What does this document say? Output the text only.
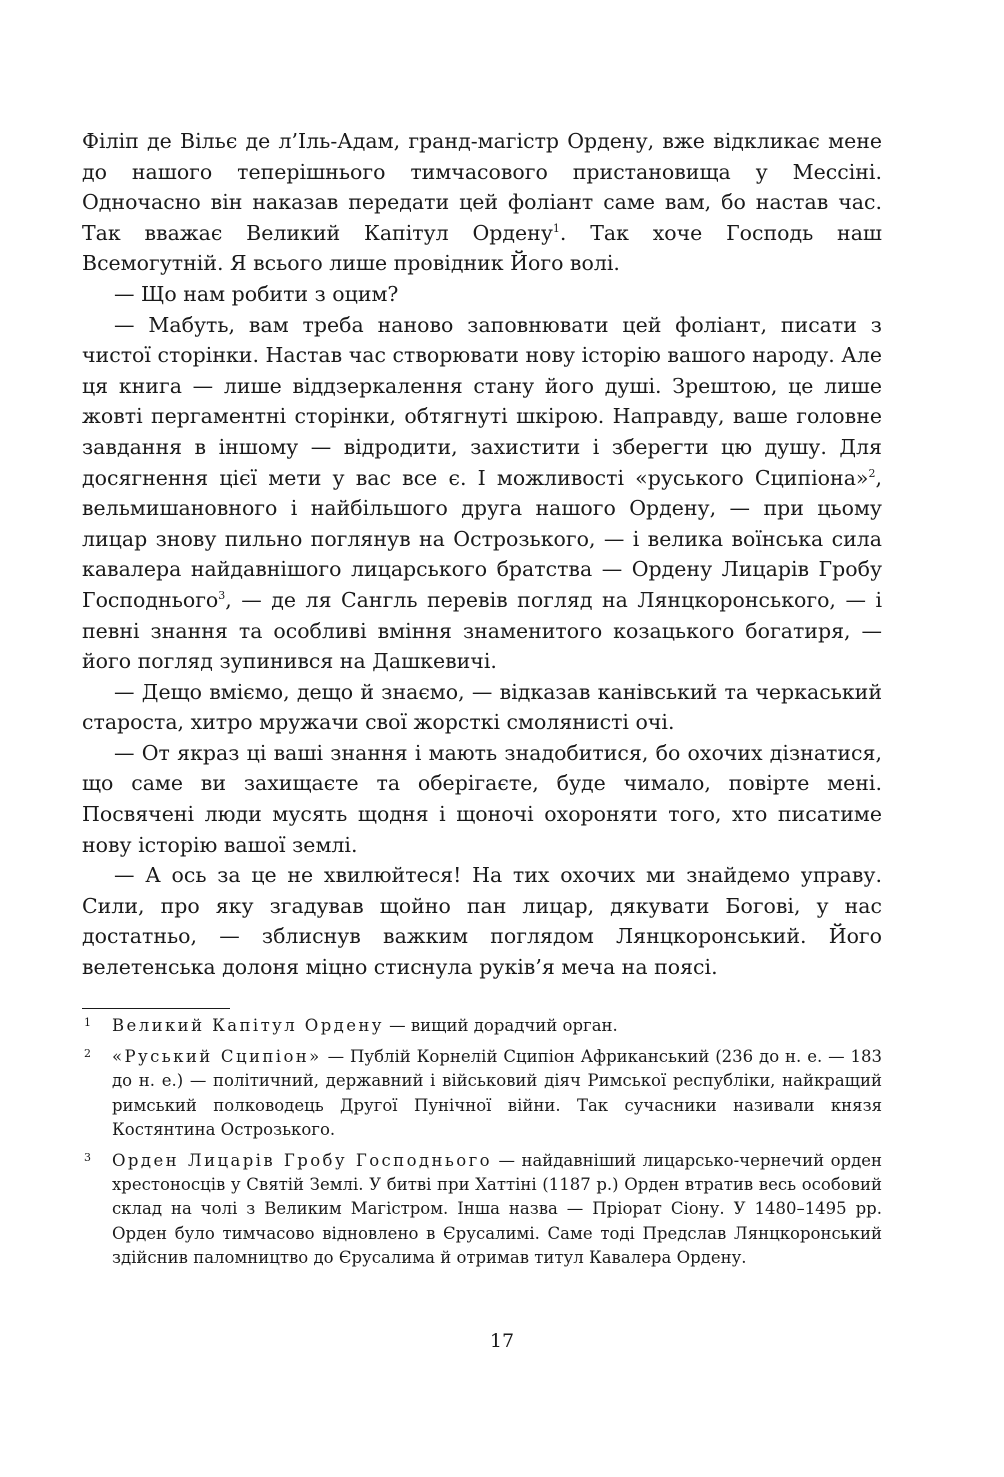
Філіп де Вільє де л’Іль-Адам, гранд-магістр Ордену, вже відкликає мене до нашого теперішнього тимчасового пристановища у Мессіні. Одночасно він наказав передати цей фоліант саме вам, бо настав час. Так вважає Великий Капітул Ордену$^1$. Так хоче Господь наш Всемогутній. Я всього лише провідник Його волі.

— Що нам робити з оцим?

— Мабуть, вам треба наново заповнювати цей фоліант, писати з чистої сторінки. Настав час створювати нову історію вашого народу. Але ця книга — лише віддзеркалення стану його душі. Зрештою, це лише жовті пергаментні сторінки, обтягнуті шкірою. Направду, ваше головне завдання в іншому — відродити, захистити і зберегти цю душу. Для досягнення цієї мети у вас все є. І можливості «руського Сципіона»$^2$, вельмишановного і найбільшого друга нашого Ордену, — при цьому лицар знову пильно поглянув на Острозького, — і велика воїнська сила кавалера найдавнішого лицарського братства — Ордену Лицарів Гробу Господнього$^3$, — де ля Сангль перевів погляд на Лянцкоронського, — і певні знання та особливі вміння знаменитого козацького богатиря, — його погляд зупинився на Дашкевичі.

— Дещо вміємо, дещо й знаємо, — відказав канівський та черкаський староста, хитро мружачи свої жорсткі смолянисті очі.

— От якраз ці ваші знання і мають знадобитися, бо охочих дізнатися, що саме ви захищаєте та оберігаєте, буде чимало, повірте мені. Посвячені люди мусять щодня і щоночі охороняти того, хто писатиме нову історію вашої землі.

— А ось за це не хвилюйтеся! На тих охочих ми знайдемо управу. Сили, про яку згадував щойно пан лицар, дякувати Богові, у нас достатньо, — зблиснув важким поглядом Лянцкоронський. Його велетенська долоня міцно стиснула руків’я меча на поясі.

1 Великий Капітул Ордену — вищий дорадчий орган.
2 «Руський Сципіон» — Публій Корнелій Сципіон Африканський (236 до н. е. — 183 до н. е.) — політичний, державний і військовий діяч Римської республіки, найкращий римський полководець Другої Пунічної війни. Так сучасники називали князя Костянтина Острозького.
3 Орден Лицарів Гробу Господнього — найдавніший лицарсько-чернечий орден хрестоносців у Святій Землі. У битві при Хаттіні (1187 р.) Орден втратив весь особовий склад на чолі з Великим Магістром. Інша назва — Пріорат Сіону. У 1480–1495 рр. Орден було тимчасово відновлено в Єрусалимі. Саме тоді Предслав Лянцкоронський здійснив паломництво до Єрусалима й отримав титул Кавалера Ордену.
17
